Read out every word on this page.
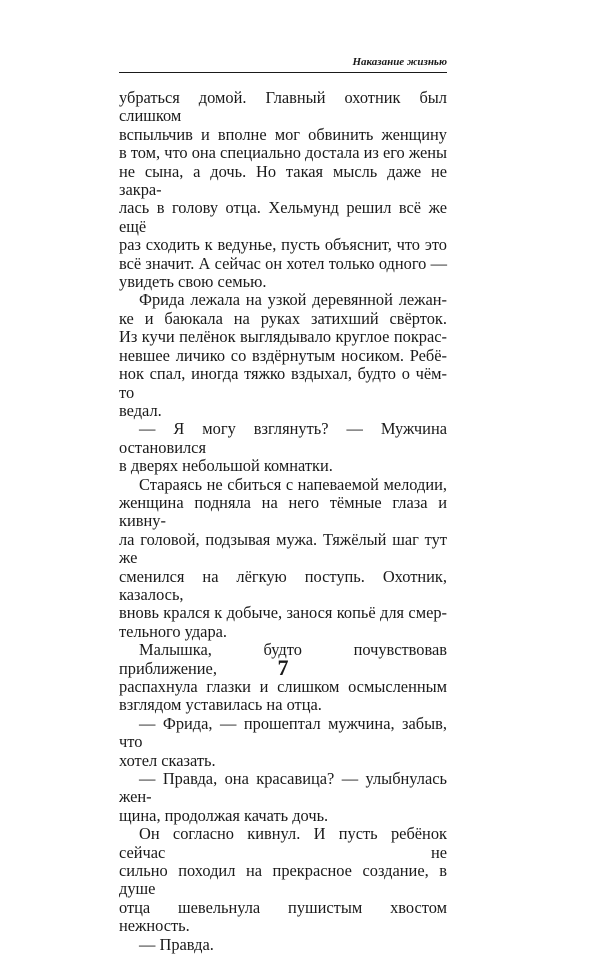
Наказание жизнью

убраться домой. Главный охотник был слишком
вспыльчив и вполне мог обвинить женщину
в том, что она специально достала из его жены
не сына, а дочь. Но такая мысль даже не закра-
лась в голову отца. Хельмунд решил всё же ещё
раз сходить к ведунье, пусть объяснит, что это
всё значит. А сейчас он хотел только одного —
увидеть свою семью.

Фрида лежала на узкой деревянной лежан-
ке и баюкала на руках затихший свёрток.
Из кучи пелёнок выглядывало круглое покрас-
невшее личико со вздёрнутым носиком. Ребё-
нок спал, иногда тяжко вздыхал, будто о чём-то
ведал.

— Я могу взглянуть? — Мужчина остановился
в дверях небольшой комнатки.

Стараясь не сбиться с напеваемой мелодии,
женщина подняла на него тёмные глаза и кивну-
ла головой, подзывая мужа. Тяжёлый шаг тут же
сменился на лёгкую поступь. Охотник, казалось,
вновь крался к добыче, занося копьё для смер-
тельного удара.

Малышка, будто почувствовав приближение,
распахнула глазки и слишком осмысленным
взглядом уставилась на отца.

— Фрида, — прошептал мужчина, забыв, что
хотел сказать.

— Правда, она красавица? — улыбнулась жен-
щина, продолжая качать дочь.

Он согласно кивнул. И пусть ребёнок сейчас не
сильно походил на прекрасное создание, в душе
отца шевельнула пушистым хвостом нежность.

— Правда.

7
